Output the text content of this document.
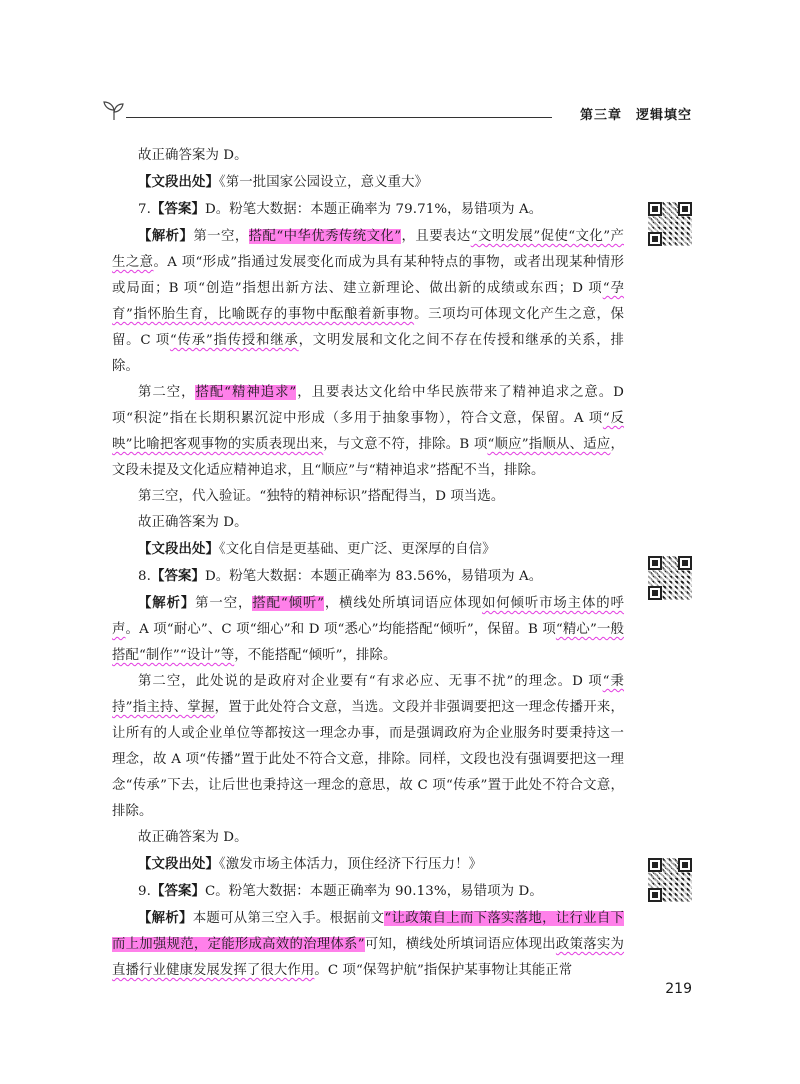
第三章 逻辑填空

故正确答案为 D。

【文段出处】《第一批国家公园设立，意义重大》

7.【答案】D。粉笔大数据：本题正确率为 79.71%，易错项为 A。

【解析】第一空，搭配“中华优秀传统文化”，且要表达“文明发展”促使“文化”产生之意。A 项“形成”指通过发展变化而成为具有某种特点的事物，或者出现某种情形或局面；B 项“创造”指想出新方法、建立新理论、做出新的成绩或东西；D 项“孕育”指怀胎生育，比喻既存的事物中酝酿着新事物。三项均可体现文化产生之意，保留。C 项“传承”指传授和继承，文明发展和文化之间不存在传授和继承的关系，排除。

第二空，搭配“精神追求”，且要表达文化给中华民族带来了精神追求之意。D 项“积淀”指在长期积累沉淀中形成（多用于抽象事物），符合文意，保留。A 项“反映”比喻把客观事物的实质表现出来，与文意不符，排除。B 项“顺应”指顺从、适应，文段未提及文化适应精神追求，且“顺应”与“精神追求”搭配不当，排除。

第三空，代入验证。“独特的精神标识”搭配得当，D 项当选。

故正确答案为 D。

【文段出处】《文化自信是更基础、更广泛、更深厚的自信》

8.【答案】D。粉笔大数据：本题正确率为 83.56%，易错项为 A。

【解析】第一空，搭配“倾听”，横线处所填词语应体现如何倾听市场主体的呼声。A 项“耐心”、C 项“细心”和 D 项“悉心”均能搭配“倾听”，保留。B 项“精心”一般搭配“制作”“设计”等，不能搭配“倾听”，排除。

第二空，此处说的是政府对企业要有“有求必应、无事不扰”的理念。D 项“秉持”指主持、掌握，置于此处符合文意，当选。文段并非强调要把这一理念传播开来，让所有的人或企业单位等都按这一理念办事，而是强调政府为企业服务时要秉持这一理念，故 A 项“传播”置于此处不符合文意，排除。同样，文段也没有强调要把这一理念“传承”下去，让后世也秉持这一理念的意思，故 C 项“传承”置于此处不符合文意，排除。

故正确答案为 D。

【文段出处】《激发市场主体活力，顶住经济下行压力！》

9.【答案】C。粉笔大数据：本题正确率为 90.13%，易错项为 D。

【解析】本题可从第三空入手。根据前文“让政策自上而下落实落地，让行业自下而上加强规范，定能形成高效的治理体系”可知，横线处所填词语应体现出政策落实为直播行业健康发展发挥了很大作用。C 项“保驾护航”指保护某事物让其能正常

219
